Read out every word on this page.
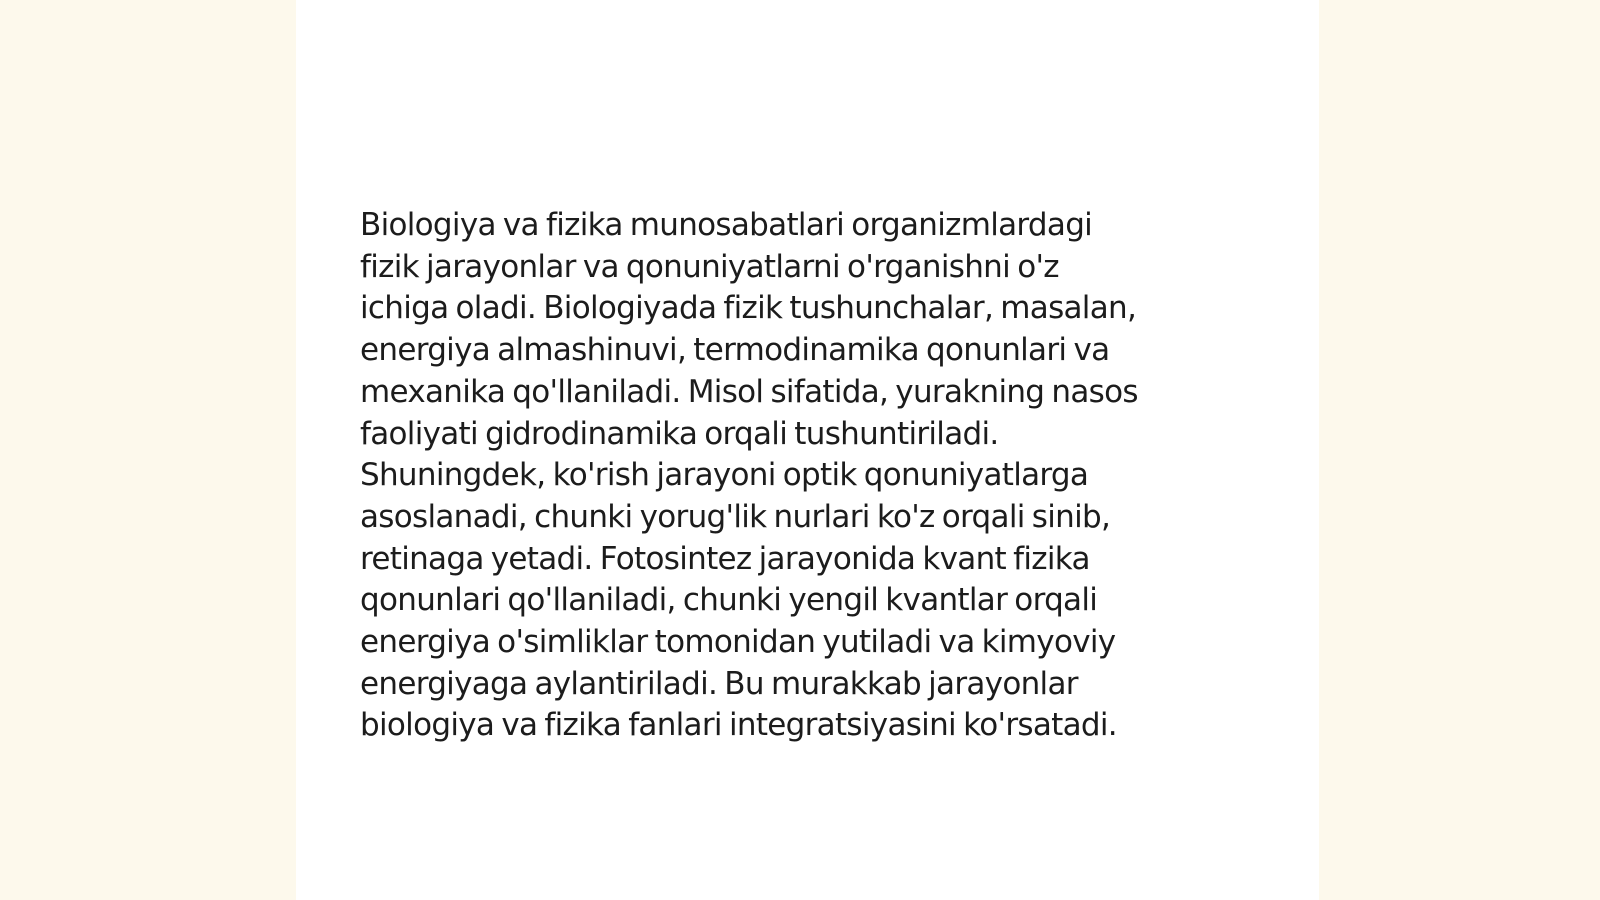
Biologiya va fizika munosabatlari organizmlardagi
fizik jarayonlar va qonuniyatlarni o'rganishni o'z
ichiga oladi. Biologiyada fizik tushunchalar, masalan,
energiya almashinuvi, termodinamika qonunlari va
mexanika qo'llaniladi. Misol sifatida, yurakning nasos
faoliyati gidrodinamika orqali tushuntiriladi.
Shuningdek, ko'rish jarayoni optik qonuniyatlarga
asoslanadi, chunki yorug'lik nurlari ko'z orqali sinib,
retinaga yetadi. Fotosintez jarayonida kvant fizika
qonunlari qo'llaniladi, chunki yengil kvantlar orqali
energiya o'simliklar tomonidan yutiladi va kimyoviy
energiyaga aylantiriladi. Bu murakkab jarayonlar
biologiya va fizika fanlari integratsiyasini ko'rsatadi.
